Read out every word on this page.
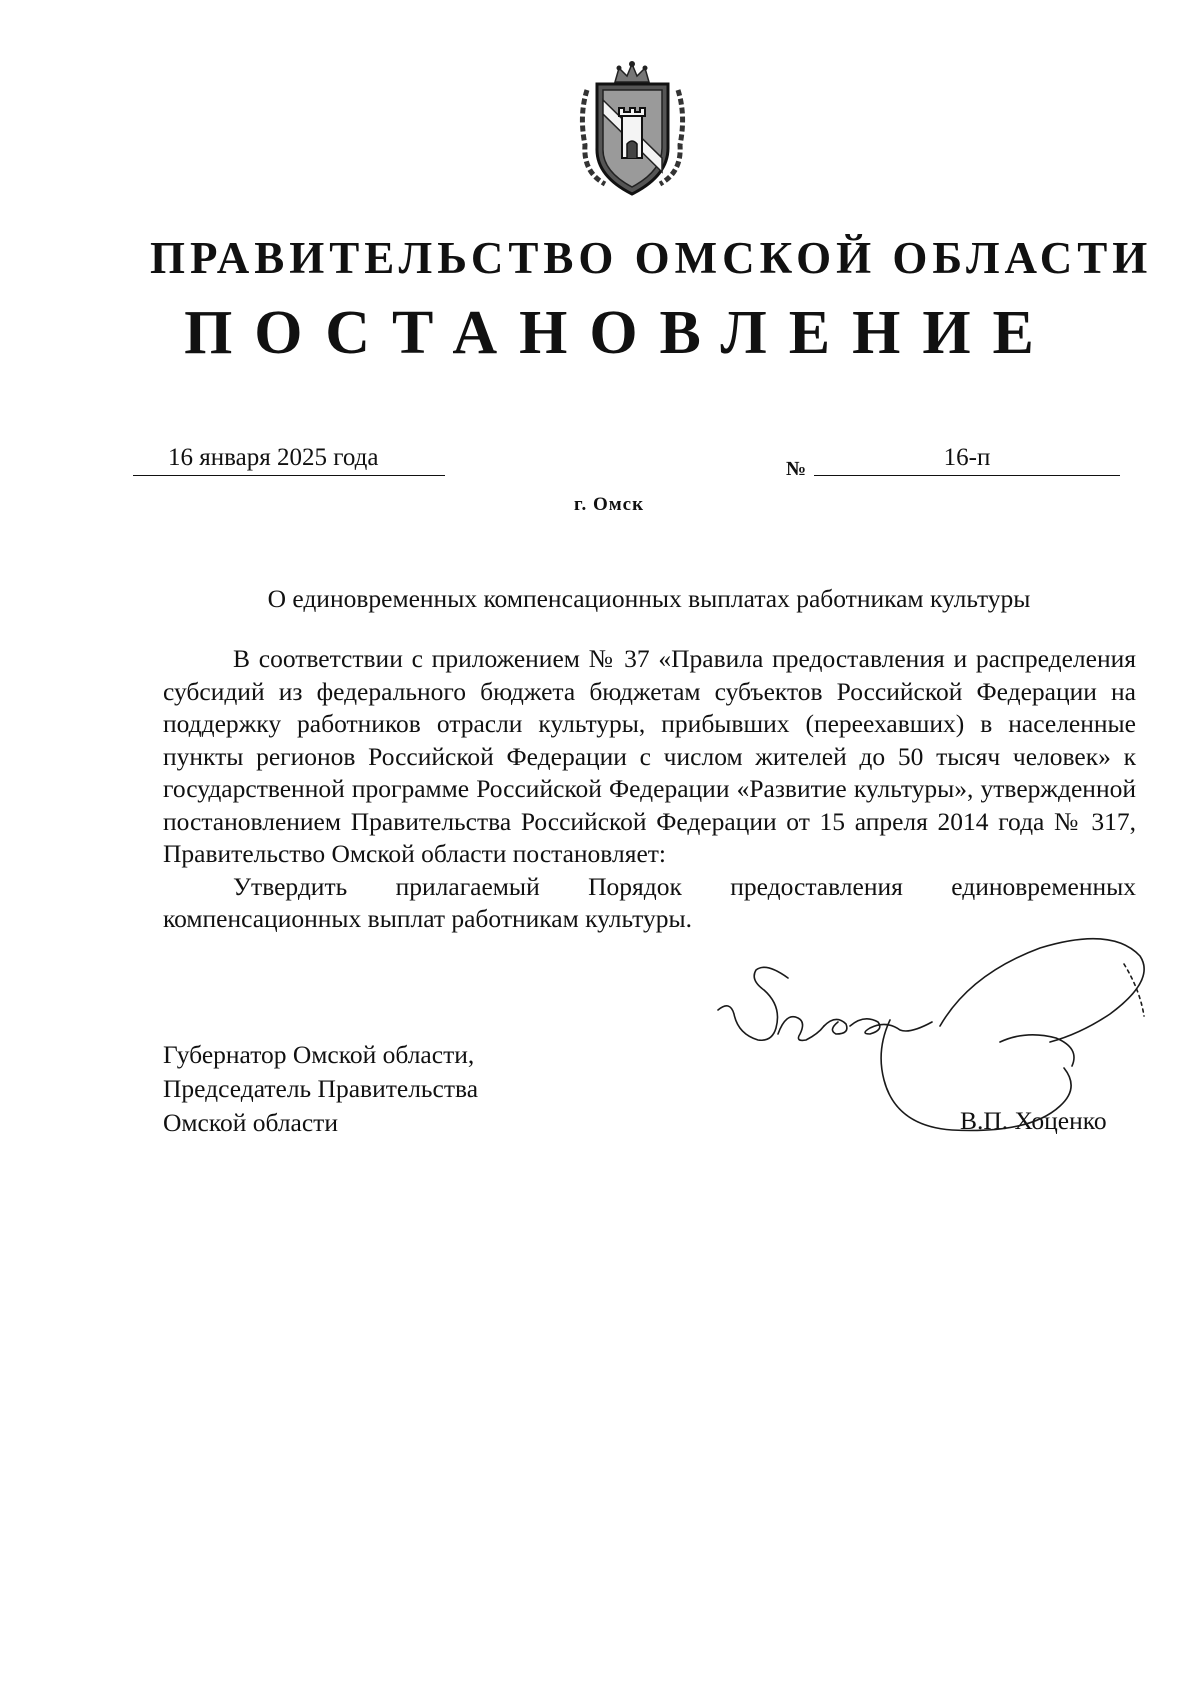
ПРАВИТЕЛЬСТВО ОМСКОЙ ОБЛАСТИ
ПОСТАНОВЛЕНИЕ
16 января 2025 года	№	16-п
г. Омск
О единовременных компенсационных выплатах работникам культуры

В соответствии с приложением № 37 «Правила предоставления и распределения субсидий из федерального бюджета бюджетам субъектов Российской Федерации на поддержку работников отрасли культуры, прибывших (переехавших) в населенные пункты регионов Российской Федерации с числом жителей до 50 тысяч человек» к государственной программе Российской Федерации «Развитие культуры», утвержденной постановлением Правительства Российской Федерации от 15 апреля 2014 года № 317, Правительство Омской области постановляет:

Утвердить прилагаемый Порядок предоставления единовременных компенсационных выплат работникам культуры.

Губернатор Омской области,
Председатель Правительства
Омской области	В.П. Хоценко
